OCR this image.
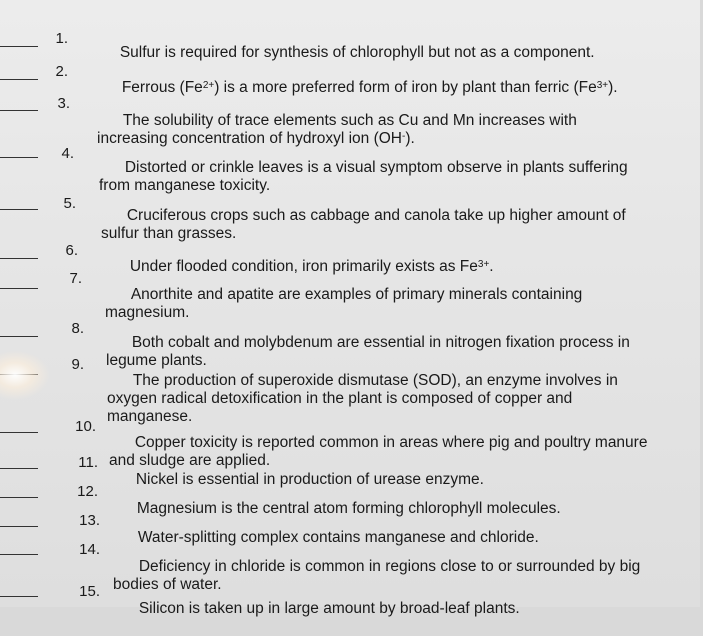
1.

Sulfur is required for synthesis of chlorophyll but not as a component.

2.

Ferrous $(Fe^{2+})$ is a more preferred form of iron by plant than ferric $(Fe^{3+})$.

3.

The solubility of trace elements such as Cu and Mn increases with
increasing concentration of hydroxyl ion (OH-).

4.

Distorted or crinkle leaves is a visual symptom observe in plants suffering
from manganese toxicity.

5.

Cruciferous crops such as cabbage and canola take up higher amount of
sulfur than grasses.

6.

Under flooded condition, iron primarily exists as $Fe^{3+}$.

7.

Anorthite and apatite are examples of primary minerals containing
magnesium.

8.

Both cobalt and molybdenum are essential in nitrogen fixation process in
legume plants.

9.

The production of superoxide dismutase (SOD), an enzyme involves in
oxygen radical detoxification in the plant is composed of copper and
manganese.

10.

Copper toxicity is reported common in areas where pig and poultry manure
and sludge are applied.

11.

Nickel is essential in production of urease enzyme.

12.

Magnesium is the central atom forming chlorophyll molecules.

13.

Water-splitting complex contains manganese and chloride.

14.

Deficiency in chloride is common in regions close to or surrounded by big
bodies of water.

15.

Silicon is taken up in large amount by broad-leaf plants.
